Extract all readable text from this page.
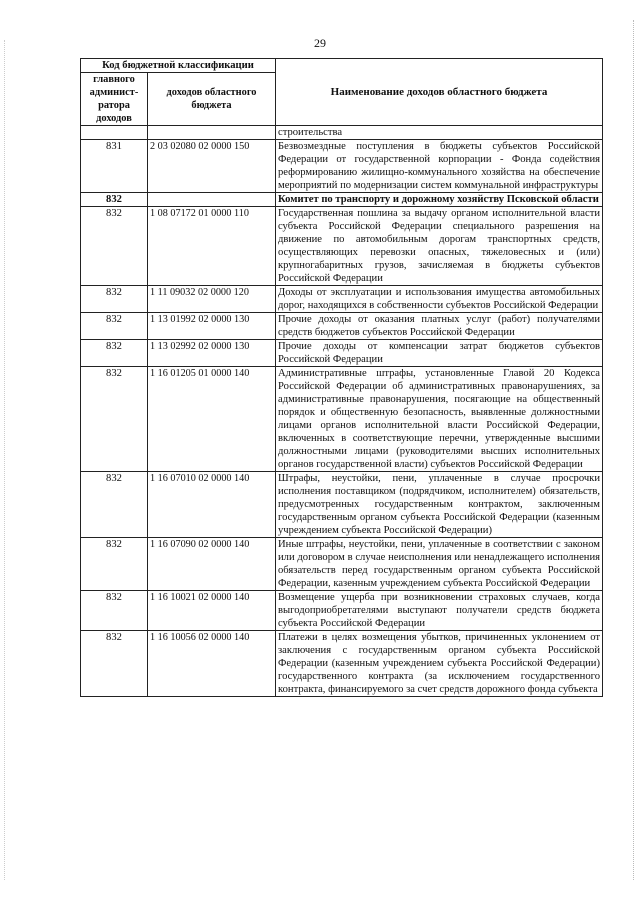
29
Код бюджетной классификации		Наименование доходов областного бюджета
главного админист-ратора доходов	доходов областного бюджета	
		строительства
831	2 03 02080 02 0000 150	Безвозмездные поступления в бюджеты субъектов Российской Федерации от государственной корпорации - Фонда содействия реформированию жилищно-коммунального хозяйства на обеспечение мероприятий по модернизации систем коммунальной инфраструктуры
832		Комитет по транспорту и дорожному хозяйству Псковской области
832	1 08 07172 01 0000 110	Государственная пошлина за выдачу органом исполнительной власти субъекта Российской Федерации специального разрешения на движение по автомобильным дорогам транспортных средств, осуществляющих перевозки опасных, тяжеловесных и (или) крупногабаритных грузов, зачисляемая в бюджеты субъектов Российской Федерации
832	1 11 09032 02 0000 120	Доходы от эксплуатации и использования имущества автомобильных дорог, находящихся в собственности субъектов Российской Федерации
832	1 13 01992 02 0000 130	Прочие доходы от оказания платных услуг (работ) получателями средств бюджетов субъектов Российской Федерации
832	1 13 02992 02 0000 130	Прочие доходы от компенсации затрат бюджетов субъектов Российской Федерации
832	1 16 01205 01 0000 140	Административные штрафы, установленные Главой 20 Кодекса Российской Федерации об административных правонарушениях, за административные правонарушения, посягающие на общественный порядок и общественную безопасность, выявленные должностными лицами органов исполнительной власти Российской Федерации, включенных в соответствующие перечни, утвержденные высшими должностными лицами (руководителями высших исполнительных органов государственной власти) субъектов Российской Федерации
832	1 16 07010 02 0000 140	Штрафы, неустойки, пени, уплаченные в случае просрочки исполнения поставщиком (подрядчиком, исполнителем) обязательств, предусмотренных государственным контрактом, заключенным государственным органом субъекта Российской Федерации (казенным учреждением субъекта Российской Федерации)
832	1 16 07090 02 0000 140	Иные штрафы, неустойки, пени, уплаченные в соответствии с законом или договором в случае неисполнения или ненадлежащего исполнения обязательств перед государственным органом субъекта Российской Федерации, казенным учреждением субъекта Российской Федерации
832	1 16 10021 02 0000 140	Возмещение ущерба при возникновении страховых случаев, когда выгодоприобретателями выступают получатели средств бюджета субъекта Российской Федерации
832	1 16 10056 02 0000 140	Платежи в целях возмещения убытков, причиненных уклонением от заключения с государственным органом субъекта Российской Федерации (казенным учреждением субъекта Российской Федерации) государственного контракта (за исключением государственного контракта, финансируемого за счет средств дорожного фонда субъекта
